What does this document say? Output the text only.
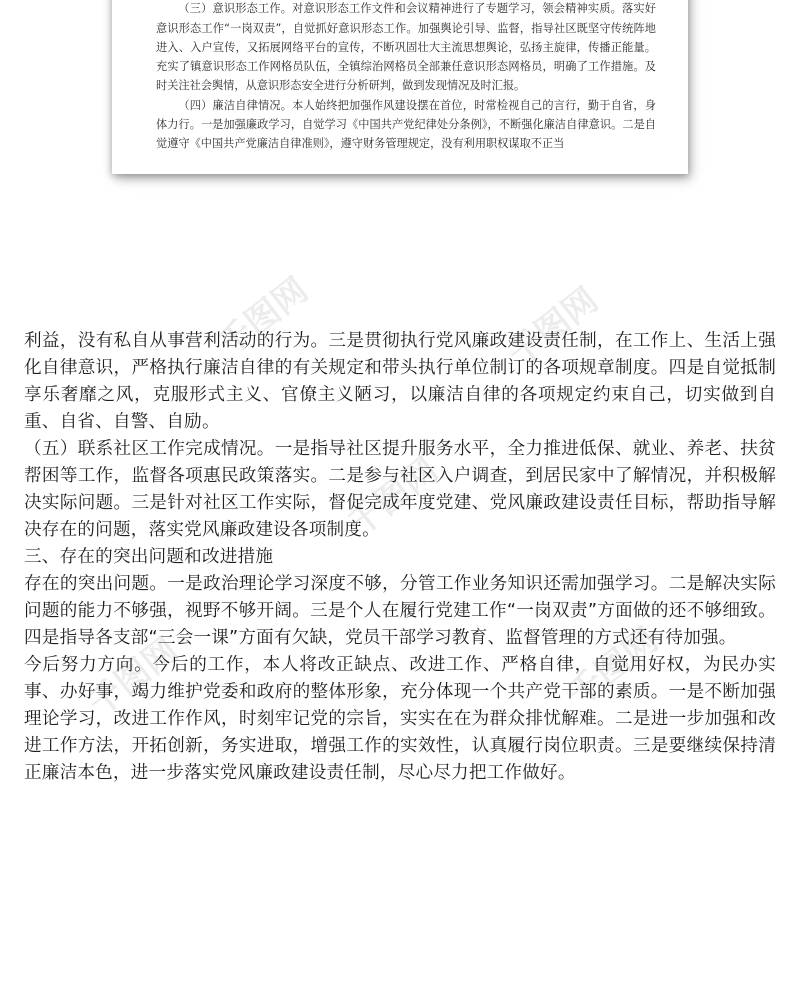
（三）意识形态工作。对意识形态工作文件和会议精神进行了专题学习，领会精神实质。落实好意识形态工作“一岗双责”，自觉抓好意识形态工作。加强舆论引导、监督，指导社区既坚守传统阵地进入、入户宣传，又拓展网络平台的宣传，不断巩固壮大主流思想舆论，弘扬主旋律，传播正能量。充实了镇意识形态工作网格员队伍，全镇综治网格员全部兼任意识形态网格员，明确了工作措施。及时关注社会舆情，从意识形态安全进行分析研判，做到发现情况及时汇报。

（四）廉洁自律情况。本人始终把加强作风建设摆在首位，时常检视自己的言行，勤于自省，身体力行。一是加强廉政学习，自觉学习《中国共产党纪律处分条例》，不断强化廉洁自律意识。二是自觉遵守《中国共产党廉洁自律准则》，遵守财务管理规定，没有利用职权谋取不正当

千图网	千图网
千图网
千图网	千图网

利益，没有私自从事营利活动的行为。三是贯彻执行党风廉政建设责任制，在工作上、生活上强化自律意识，严格执行廉洁自律的有关规定和带头执行单位制订的各项规章制度。四是自觉抵制享乐奢靡之风，克服形式主义、官僚主义陋习，以廉洁自律的各项规定约束自己，切实做到自重、自省、自警、自励。

（五）联系社区工作完成情况。一是指导社区提升服务水平，全力推进低保、就业、养老、扶贫帮困等工作，监督各项惠民政策落实。二是参与社区入户调查，到居民家中了解情况，并积极解决实际问题。三是针对社区工作实际，督促完成年度党建、党风廉政建设责任目标，帮助指导解决存在的问题，落实党风廉政建设各项制度。

三、存在的突出问题和改进措施

存在的突出问题。一是政治理论学习深度不够，分管工作业务知识还需加强学习。二是解决实际问题的能力不够强，视野不够开阔。三是个人在履行党建工作“一岗双责”方面做的还不够细致。四是指导各支部“三会一课”方面有欠缺，党员干部学习教育、监督管理的方式还有待加强。

今后努力方向。今后的工作，本人将改正缺点、改进工作、严格自律，自觉用好权，为民办实事、办好事，竭力维护党委和政府的整体形象，充分体现一个共产党干部的素质。一是不断加强理论学习，改进工作作风，时刻牢记党的宗旨，实实在在为群众排忧解难。二是进一步加强和改进工作方法，开拓创新，务实进取，增强工作的实效性，认真履行岗位职责。三是要继续保持清正廉洁本色，进一步落实党风廉政建设责任制，尽心尽力把工作做好。
